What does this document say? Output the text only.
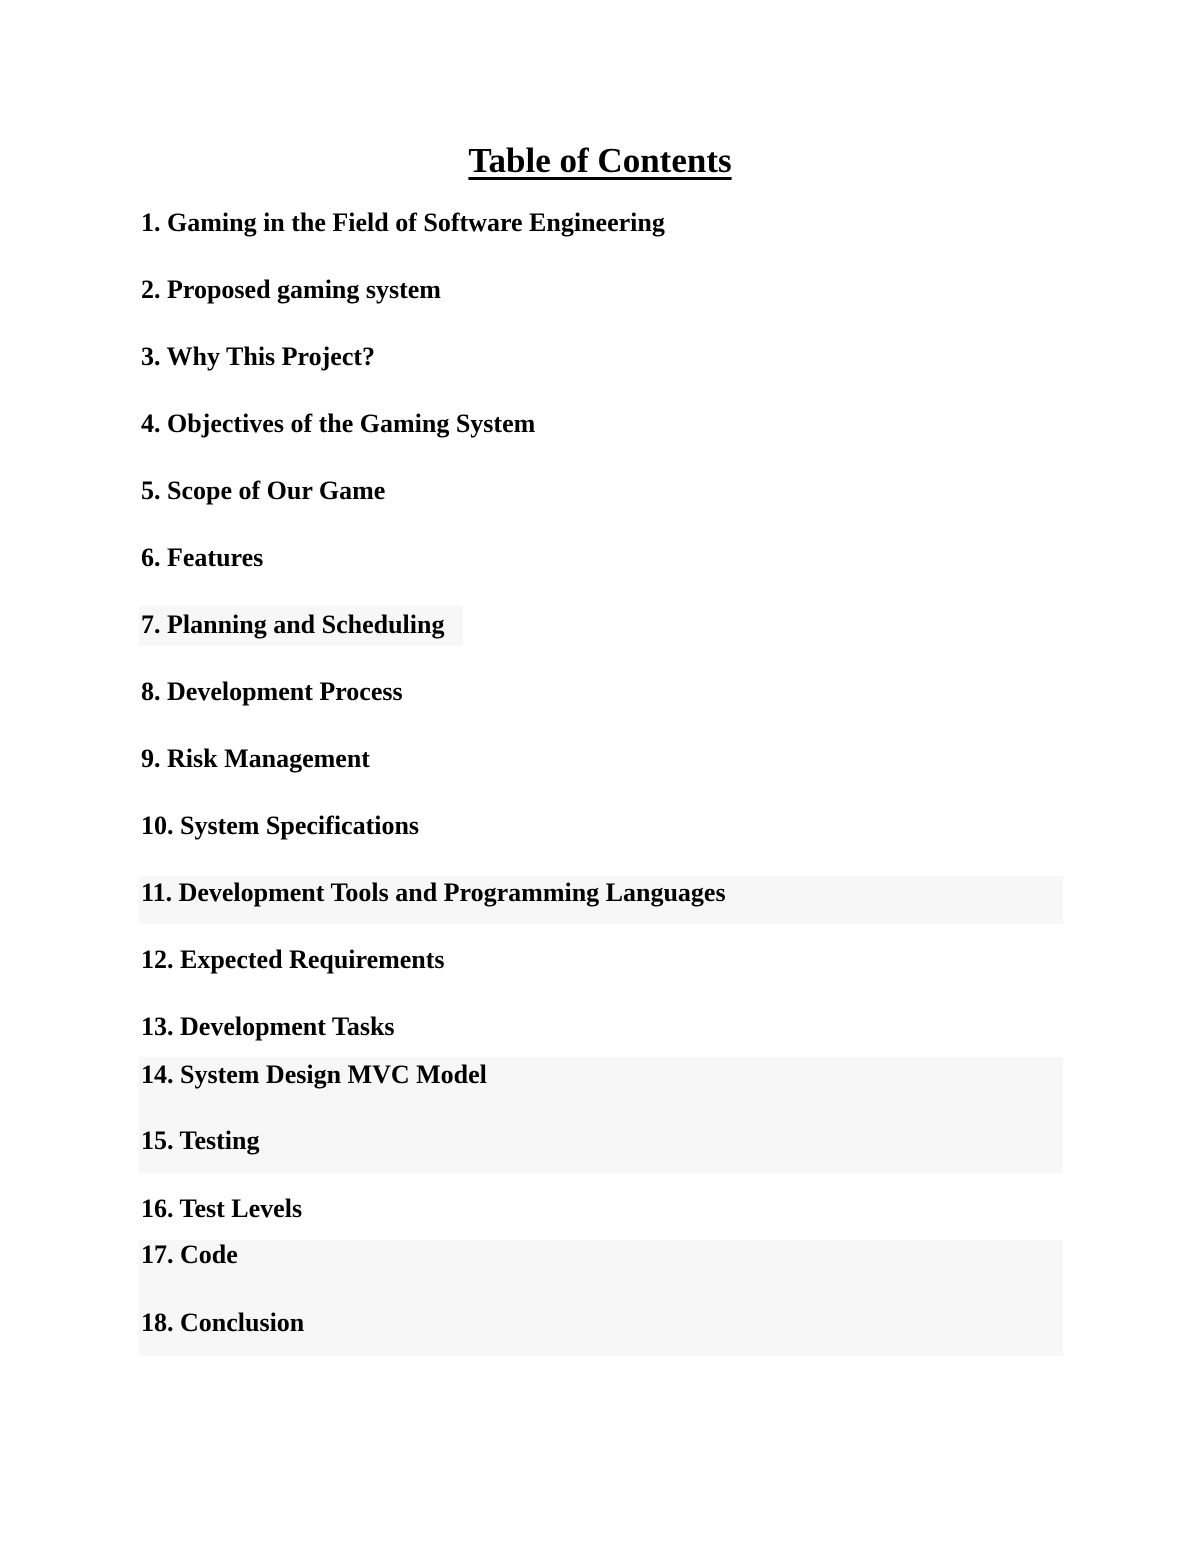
Table of Contents
1. Gaming in the Field of Software Engineering
2. Proposed gaming system
3. Why This Project?
4. Objectives of the Gaming System
5. Scope of Our Game
6. Features
7. Planning and Scheduling
8. Development Process
9. Risk Management
10. System Specifications
11. Development Tools and Programming Languages
12. Expected Requirements
13. Development Tasks
14. System Design MVC Model
15. Testing
16. Test Levels
17. Code
18. Conclusion
